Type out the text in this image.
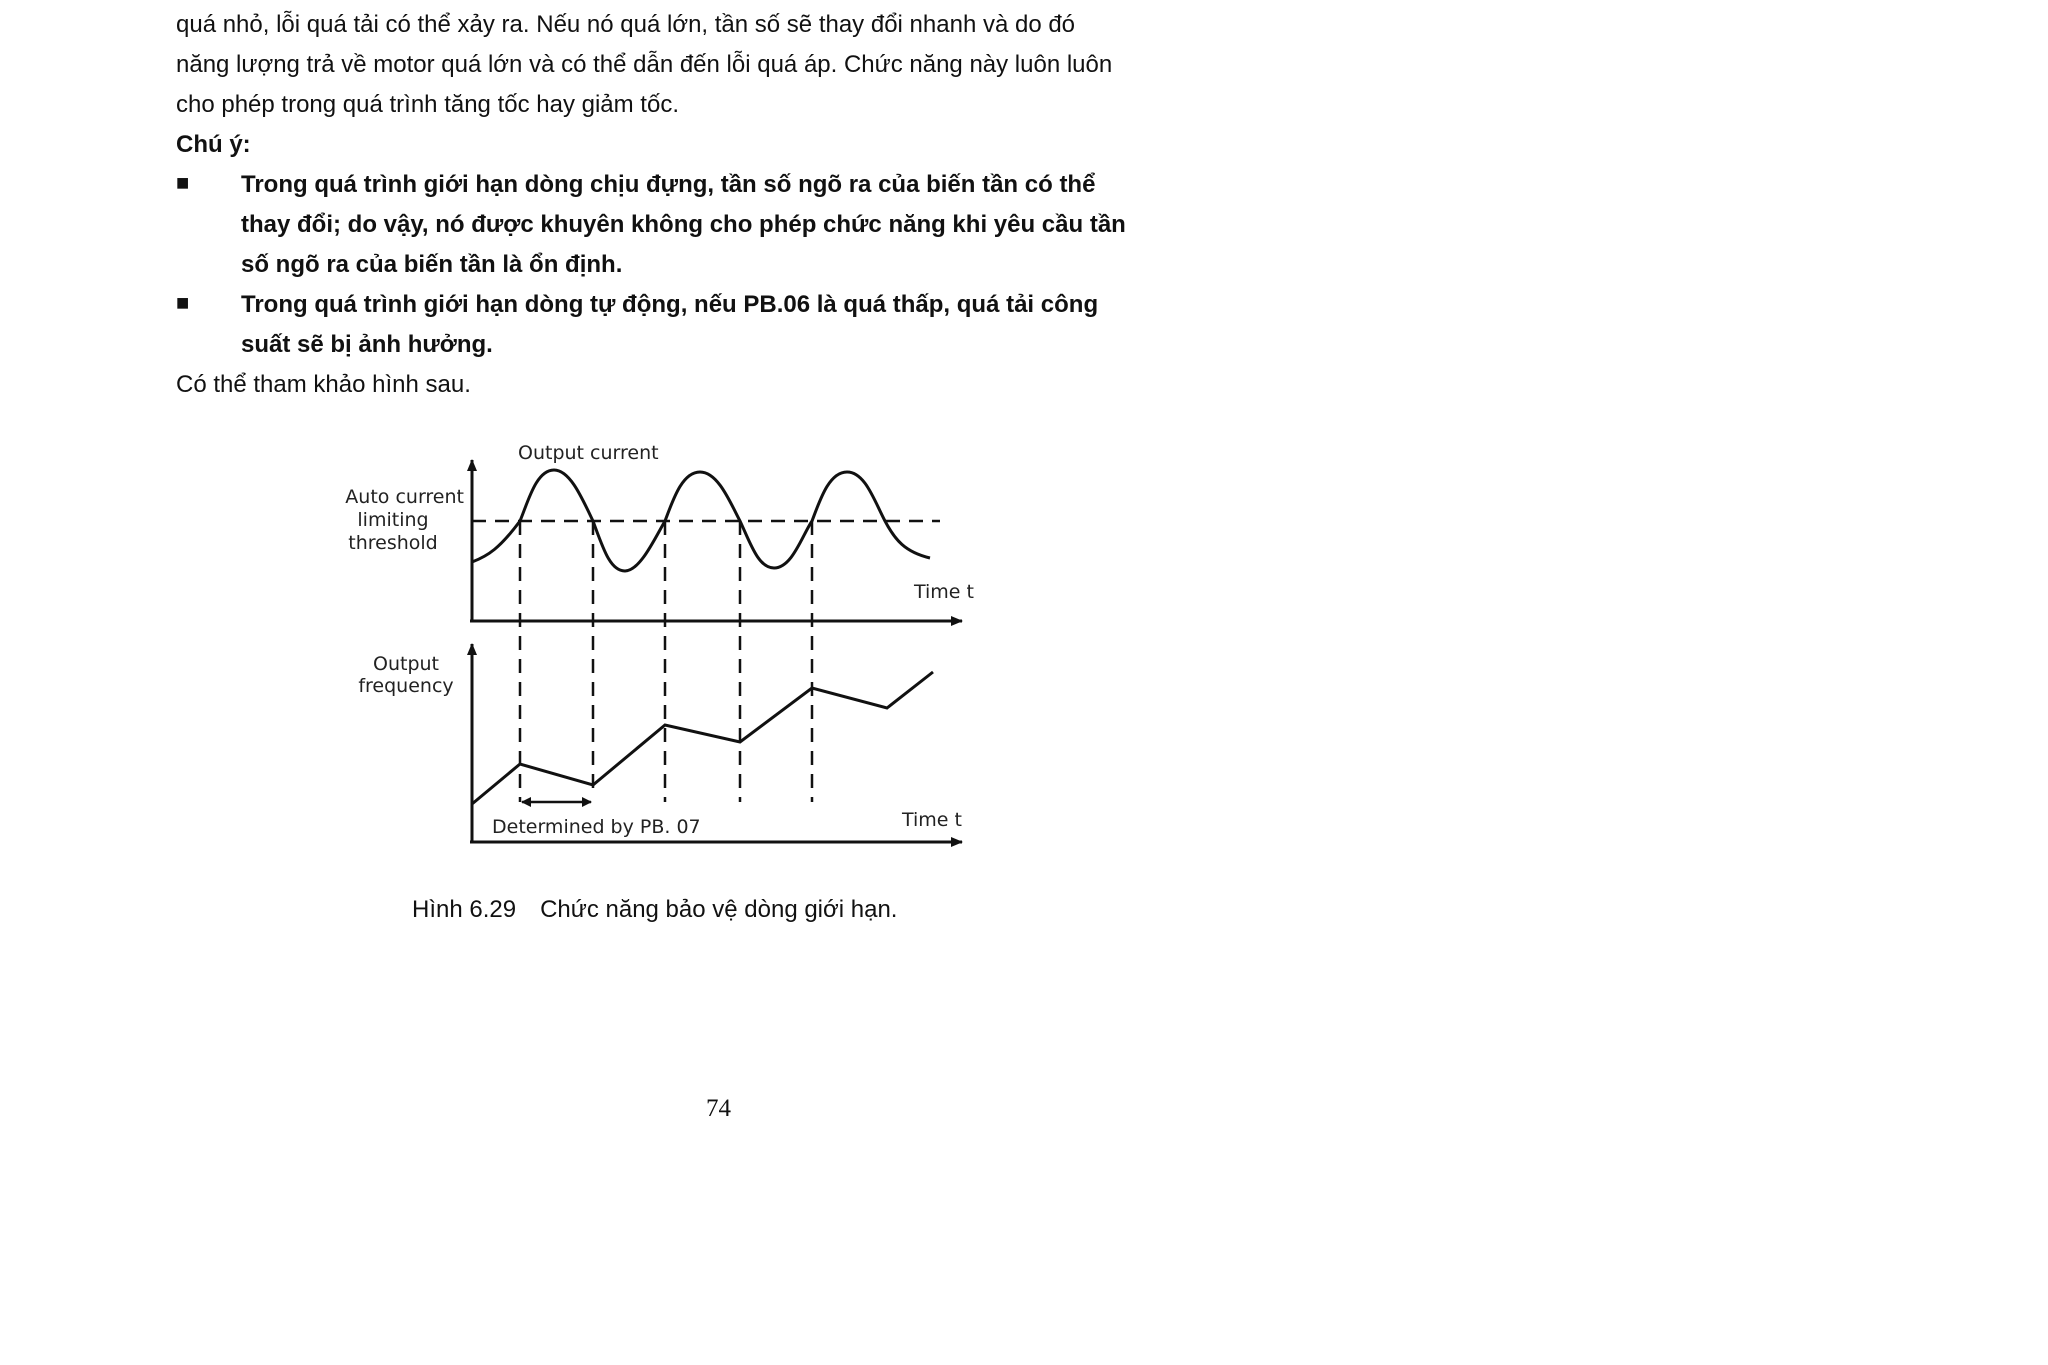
quá nhỏ, lỗi quá tải có thể xảy ra. Nếu nó quá lớn, tần số sẽ thay đổi nhanh và do đó
năng lượng trả về motor quá lớn và có thể dẫn đến lỗi quá áp. Chức năng này luôn luôn
cho phép trong quá trình tăng tốc hay giảm tốc.
Chú ý:
■ Trong quá trình giới hạn dòng chịu đựng, tần số ngõ ra của biến tần có thể
thay đổi; do vậy, nó được khuyên không cho phép chức năng khi yêu cầu tần
số ngõ ra của biến tần là ổn định.
■ Trong quá trình giới hạn dòng tự động, nếu PB.06 là quá thấp, quá tải công
suất sẽ bị ảnh hưởng.
Có thể tham khảo hình sau.
Output current
Auto current
limiting
threshold
Time t
Output
frequency
Determined by PB. 07	Time t
Hình 6.29 Chức năng bảo vệ dòng giới hạn.
74
